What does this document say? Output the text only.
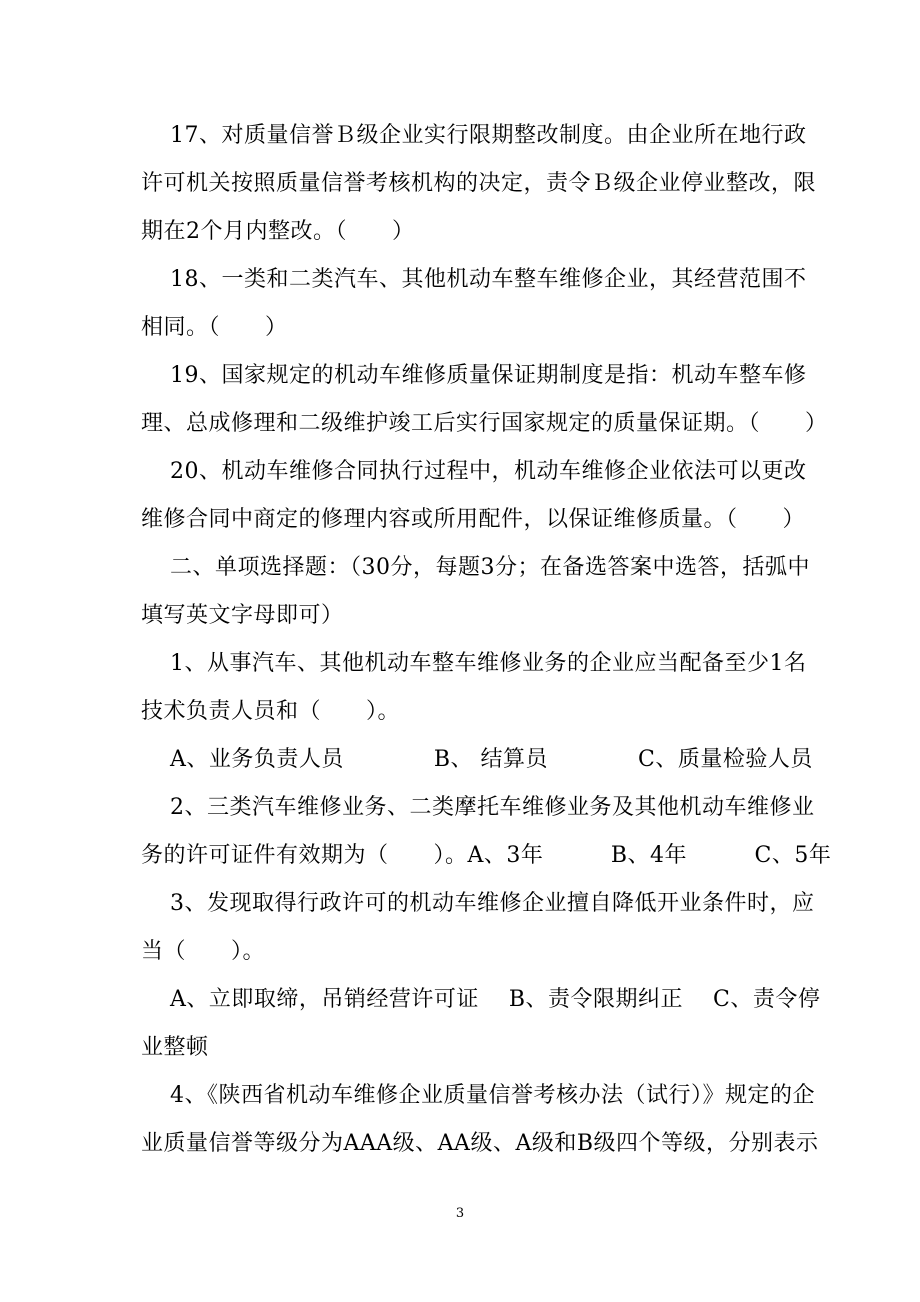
17、对质量信誉Ｂ级企业实行限期整改制度。由企业所在地行政
许可机关按照质量信誉考核机构的决定，责令Ｂ级企业停业整改，限
期在2个月内整改。（　　）
18、一类和二类汽车、其他机动车整车维修企业，其经营范围不
相同。（　　）
19、国家规定的机动车维修质量保证期制度是指：机动车整车修
理、总成修理和二级维护竣工后实行国家规定的质量保证期。（　　）
20、机动车维修合同执行过程中，机动车维修企业依法可以更改
维修合同中商定的修理内容或所用配件，以保证维修质量。（　　）
二、单项选择题：（30分，每题3分；在备选答案中选答，括弧中
填写英文字母即可）
1、从事汽车、其他机动车整车维修业务的企业应当配备至少1名
技术负责人员和（　　）。
A、业务负责人员　　　　B、 结算员　　　　C、质量检验人员
2、三类汽车维修业务、二类摩托车维修业务及其他机动车维修业
务的许可证件有效期为（　　）。A、3年　　　B、4年　　　C、5年
3、发现取得行政许可的机动车维修企业擅自降低开业条件时，应
当（　　）。
A、立即取缔，吊销经营许可证　 B、责令限期纠正　 C、责令停
业整顿
4、《陕西省机动车维修企业质量信誉考核办法（试行）》规定的企
业质量信誉等级分为AAA级、AA级、A级和B级四个等级，分别表示
3
